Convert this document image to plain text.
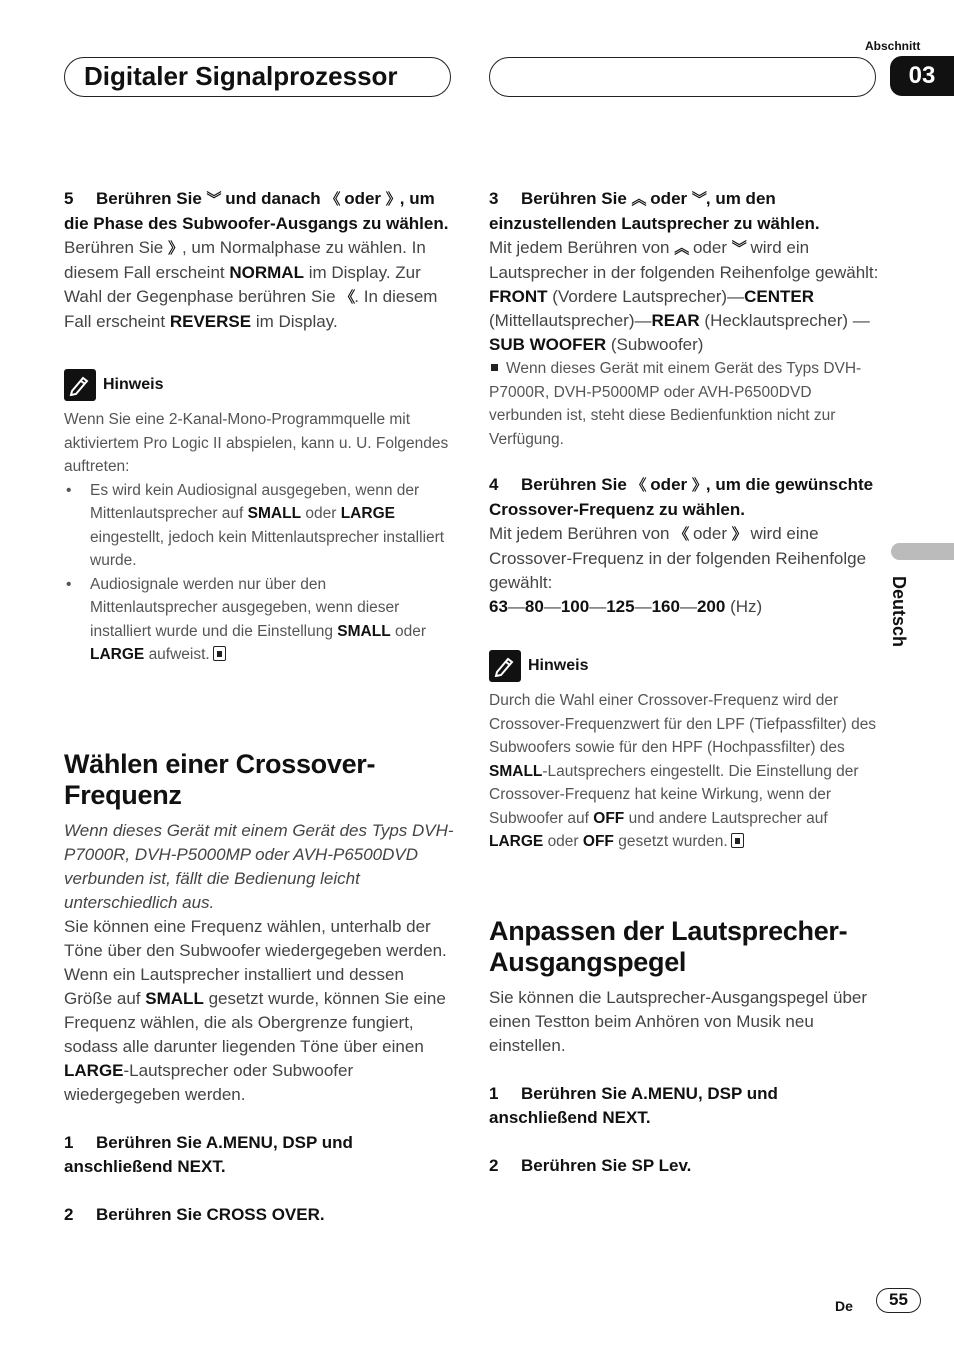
Digitaler Signalprozessor
Abschnitt
03
Deutsch

5 Berühren Sie ︾ und danach 《 oder 》, um die Phase des Subwoofer-Ausgangs zu wählen.

Berühren Sie 》, um Normalphase zu wählen. In diesem Fall erscheint NORMAL im Display. Zur Wahl der Gegenphase berühren Sie 《. In diesem Fall erscheint REVERSE im Display.

Hinweis

Wenn Sie eine 2-Kanal-Mono-Programmquelle mit aktiviertem Pro Logic II abspielen, kann u. U. Folgendes auftreten:

• Es wird kein Audiosignal ausgegeben, wenn der Mittenlautsprecher auf SMALL oder LARGE eingestellt, jedoch kein Mittenlautsprecher installiert wurde.

• Audiosignale werden nur über den Mittenlautsprecher ausgegeben, wenn dieser installiert wurde und die Einstellung SMALL oder LARGE aufweist.

Wählen einer Crossover-Frequenz

Wenn dieses Gerät mit einem Gerät des Typs DVH-P7000R, DVH-P5000MP oder AVH-P6500DVD verbunden ist, fällt die Bedienung leicht unterschiedlich aus.

Sie können eine Frequenz wählen, unterhalb der Töne über den Subwoofer wiedergegeben werden. Wenn ein Lautsprecher installiert und dessen Größe auf SMALL gesetzt wurde, können Sie eine Frequenz wählen, die als Obergrenze fungiert, sodass alle darunter liegenden Töne über einen LARGE-Lautsprecher oder Subwoofer wiedergegeben werden.

1 Berühren Sie A.MENU, DSP und anschließend NEXT.

2 Berühren Sie CROSS OVER.

3 Berühren Sie ︽ oder ︾, um den einzustellenden Lautsprecher zu wählen.

Mit jedem Berühren von ︽ oder ︾ wird ein Lautsprecher in der folgenden Reihenfolge gewählt:

FRONT (Vordere Lautsprecher)—CENTER (Mittellautsprecher)—REAR (Hecklautsprecher) —SUB WOOFER (Subwoofer)

Wenn dieses Gerät mit einem Gerät des Typs DVH-P7000R, DVH-P5000MP oder AVH-P6500DVD verbunden ist, steht diese Bedienfunktion nicht zur Verfügung.

4 Berühren Sie 《 oder 》, um die gewünschte Crossover-Frequenz zu wählen.

Mit jedem Berühren von 《 oder 》 wird eine Crossover-Frequenz in der folgenden Reihenfolge gewählt:

63—80—100—125—160—200 (Hz)

Hinweis

Durch die Wahl einer Crossover-Frequenz wird der Crossover-Frequenzwert für den LPF (Tiefpassfilter) des Subwoofers sowie für den HPF (Hochpassfilter) des SMALL-Lautsprechers eingestellt. Die Einstellung der Crossover-Frequenz hat keine Wirkung, wenn der Subwoofer auf OFF und andere Lautsprecher auf LARGE oder OFF gesetzt wurden.

Anpassen der Lautsprecher-Ausgangspegel

Sie können die Lautsprecher-Ausgangspegel über einen Testton beim Anhören von Musik neu einstellen.

1 Berühren Sie A.MENU, DSP und anschließend NEXT.

2 Berühren Sie SP Lev.

De	55
